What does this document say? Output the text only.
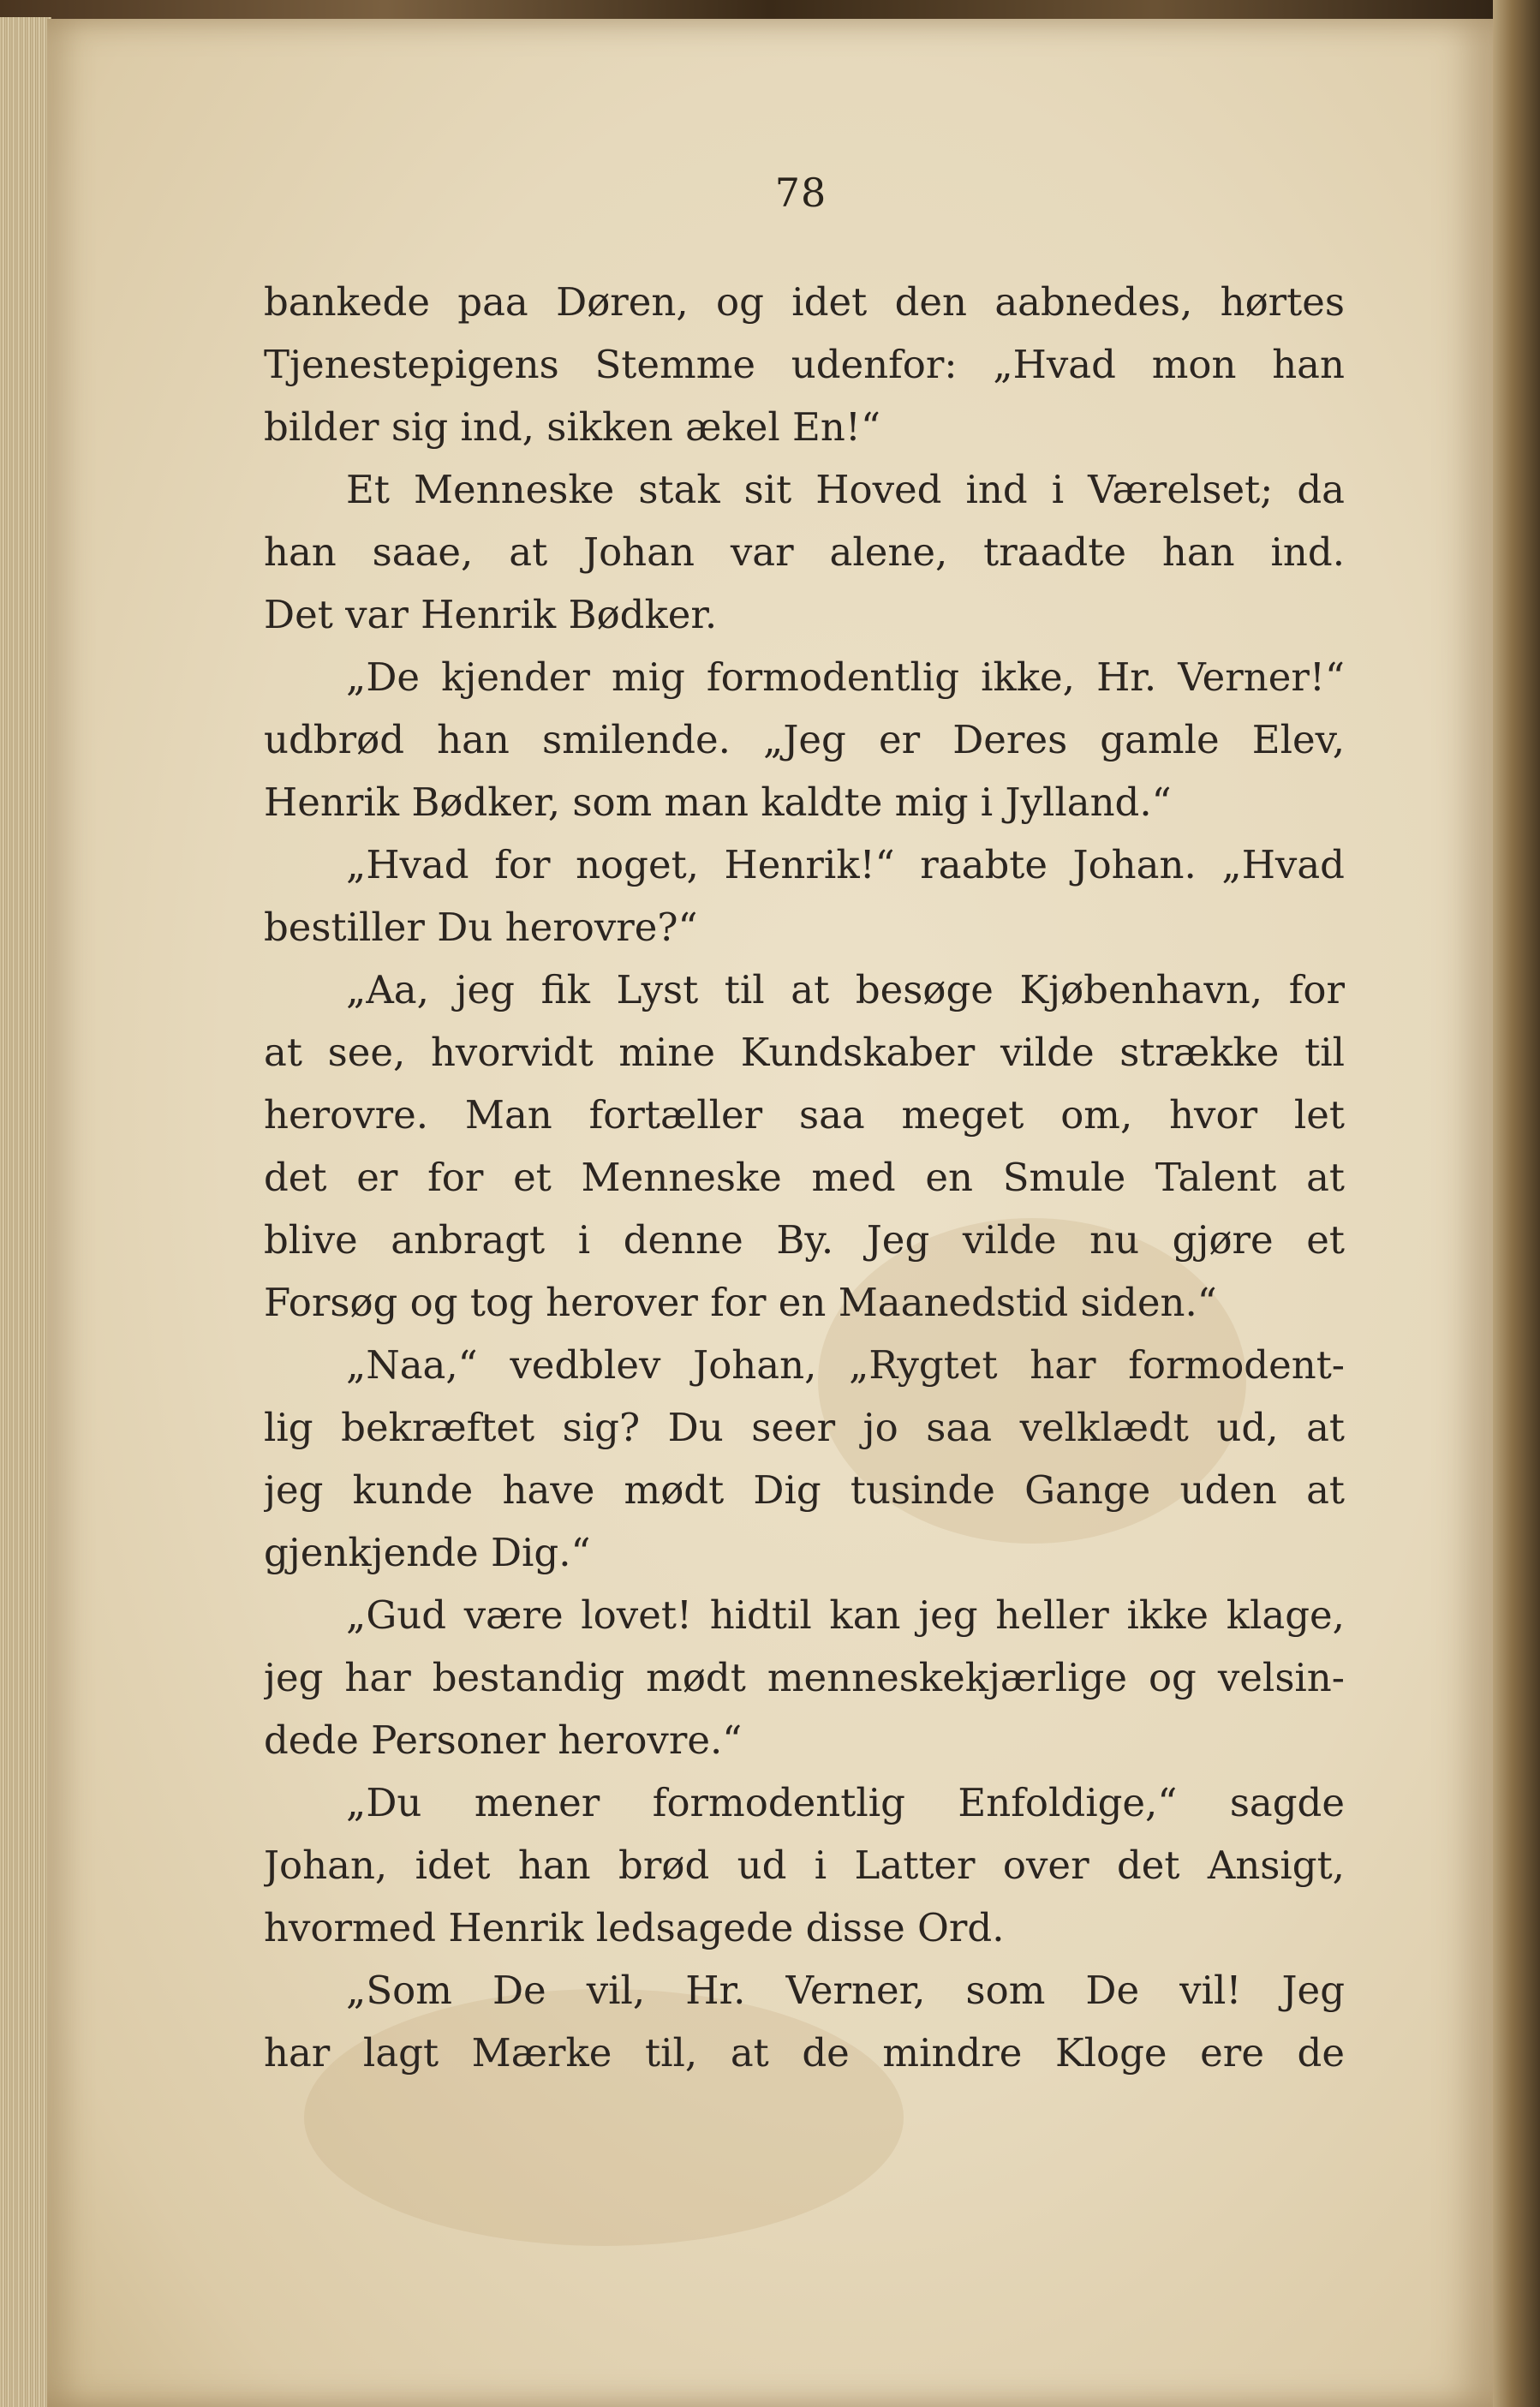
78
bankede paa Døren, og idet den aabnedes, hørtes
Tjenestepigens Stemme udenfor: „Hvad mon han
bilder sig ind, sikken ækel En!“
Et Menneske stak sit Hoved ind i Værelset; da
han saae, at Johan var alene, traadte han ind.
Det var Henrik Bødker.
„De kjender mig formodentlig ikke, Hr. Verner!“
udbrød han smilende. „Jeg er Deres gamle Elev,
Henrik Bødker, som man kaldte mig i Jylland.“
„Hvad for noget, Henrik!“ raabte Johan. „Hvad
bestiller Du herovre?“
„Aa, jeg fik Lyst til at besøge Kjøbenhavn, for
at see, hvorvidt mine Kundskaber vilde strække til
herovre. Man fortæller saa meget om, hvor let
det er for et Menneske med en Smule Talent at
blive anbragt i denne By. Jeg vilde nu gjøre et
Forsøg og tog herover for en Maanedstid siden.“
„Naa,“ vedblev Johan, „Rygtet har formodent-
lig bekræftet sig? Du seer jo saa velklædt ud, at
jeg kunde have mødt Dig tusinde Gange uden at
gjenkjende Dig.“
„Gud være lovet! hidtil kan jeg heller ikke klage,
jeg har bestandig mødt menneskekjærlige og velsin-
dede Personer herovre.“
„Du mener formodentlig Enfoldige,“ sagde
Johan, idet han brød ud i Latter over det Ansigt,
hvormed Henrik ledsagede disse Ord.
„Som De vil, Hr. Verner, som De vil! Jeg
har lagt Mærke til, at de mindre Kloge ere de
